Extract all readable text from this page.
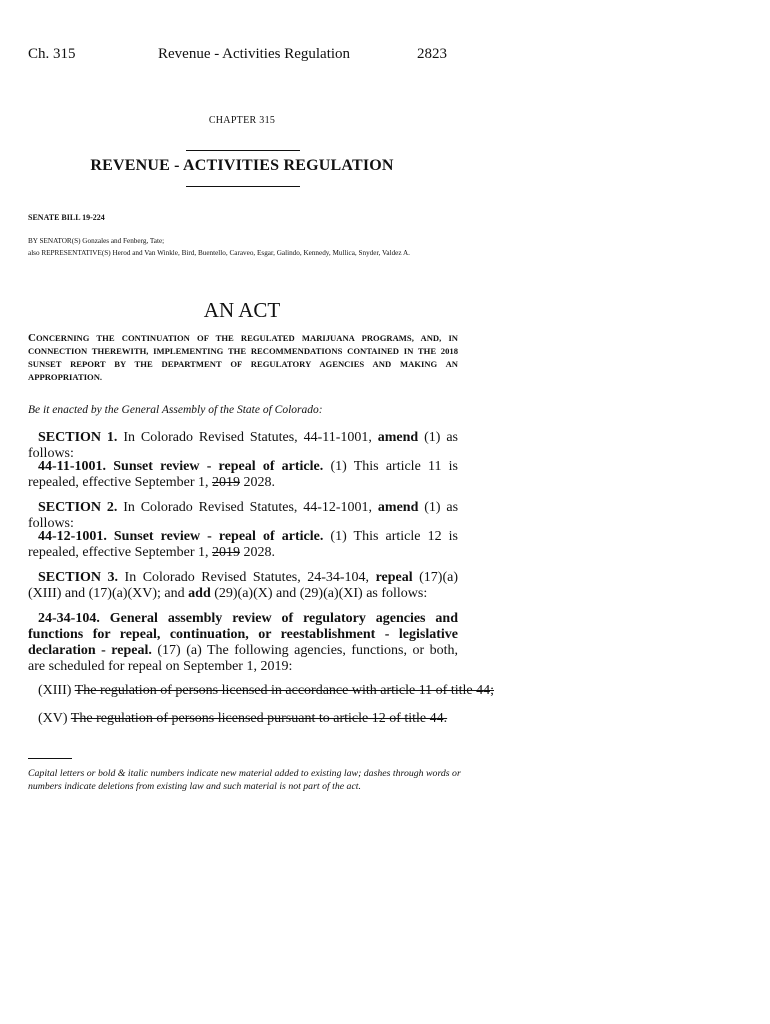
Ch. 315	Revenue - Activities Regulation	2823
CHAPTER 315
REVENUE - ACTIVITIES REGULATION
SENATE BILL 19-224
BY SENATOR(S) Gonzales and Fenberg, Tate;
also REPRESENTATIVE(S) Herod and Van Winkle, Bird, Buentello, Caraveo, Esgar, Galindo, Kennedy, Mullica, Snyder, Valdez A.
AN ACT
CONCERNING THE CONTINUATION OF THE REGULATED MARIJUANA PROGRAMS, AND, IN CONNECTION THEREWITH, IMPLEMENTING THE RECOMMENDATIONS CONTAINED IN THE 2018 SUNSET REPORT BY THE DEPARTMENT OF REGULATORY AGENCIES AND MAKING AN APPROPRIATION.
Be it enacted by the General Assembly of the State of Colorado:
SECTION 1. In Colorado Revised Statutes, 44-11-1001, amend (1) as follows:
44-11-1001. Sunset review - repeal of article. (1) This article 11 is repealed, effective September 1, 2019 2028.
SECTION 2. In Colorado Revised Statutes, 44-12-1001, amend (1) as follows:
44-12-1001. Sunset review - repeal of article. (1) This article 12 is repealed, effective September 1, 2019 2028.
SECTION 3. In Colorado Revised Statutes, 24-34-104, repeal (17)(a)(XIII) and (17)(a)(XV); and add (29)(a)(X) and (29)(a)(XI) as follows:
24-34-104. General assembly review of regulatory agencies and functions for repeal, continuation, or reestablishment - legislative declaration - repeal. (17) (a) The following agencies, functions, or both, are scheduled for repeal on September 1, 2019:
(XIII) The regulation of persons licensed in accordance with article 11 of title 44;
(XV) The regulation of persons licensed pursuant to article 12 of title 44.
Capital letters or bold & italic numbers indicate new material added to existing law; dashes through words or numbers indicate deletions from existing law and such material is not part of the act.
